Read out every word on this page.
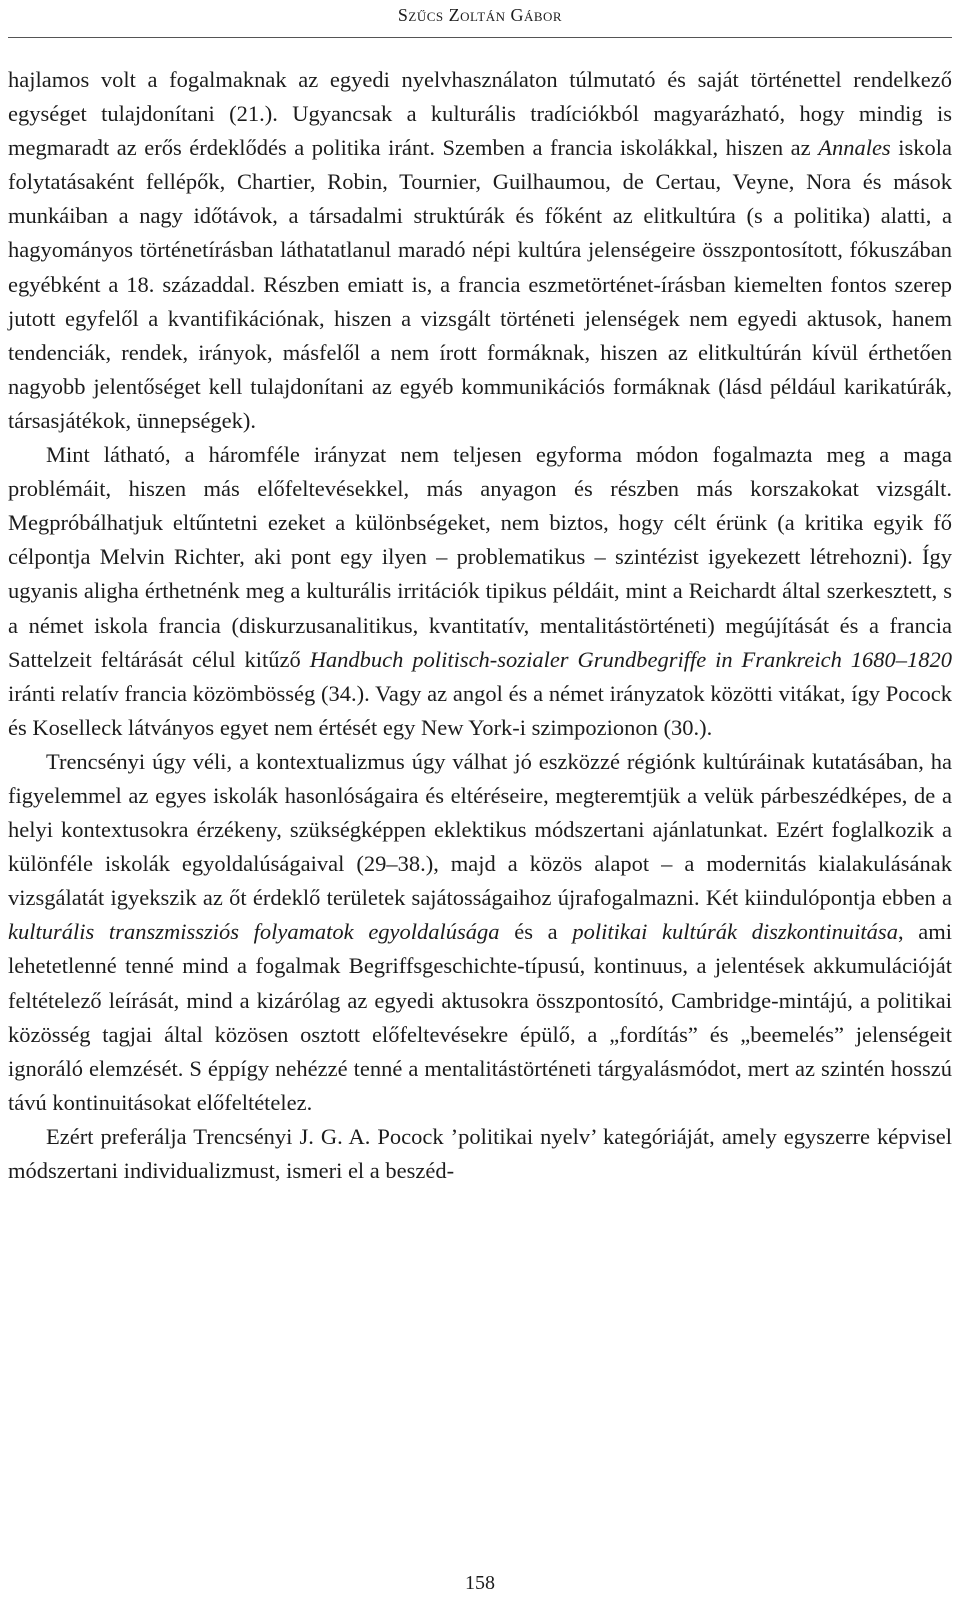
Szűcs Zoltán Gábor

hajlamos volt a fogalmaknak az egyedi nyelvhasználaton túlmutató és saját történettel rendelkező egységet tulajdonítani (21.). Ugyancsak a kulturális tradíciókból magyarázható, hogy mindig is megmaradt az erős érdeklődés a politika iránt. Szemben a francia iskolákkal, hiszen az Annales iskola folytatásaként fellépők, Chartier, Robin, Tournier, Guilhaumou, de Certau, Veyne, Nora és mások munkáiban a nagy időtávok, a társadalmi struktúrák és főként az elitkultúra (s a politika) alatti, a hagyományos történetírásban láthatatlanul maradó népi kultúra jelenségeire összpontosított, fókuszában egyébként a 18. századdal. Részben emiatt is, a francia eszmetörténet-írásban kiemelten fontos szerep jutott egyfelől a kvantifikációnak, hiszen a vizsgált történeti jelenségek nem egyedi aktusok, hanem tendenciák, rendek, irányok, másfelől a nem írott formáknak, hiszen az elitkultúrán kívül érthetően nagyobb jelentőséget kell tulajdonítani az egyéb kommunikációs formáknak (lásd például karikatúrák, társasjátékok, ünnepségek).

Mint látható, a háromféle irányzat nem teljesen egyforma módon fogalmazta meg a maga problémáit, hiszen más előfeltevésekkel, más anyagon és részben más korszakokat vizsgált. Megpróbálhatjuk eltűntetni ezeket a különbségeket, nem biztos, hogy célt érünk (a kritika egyik fő célpontja Melvin Richter, aki pont egy ilyen – problematikus – szintézist igyekezett létrehozni). Így ugyanis aligha érthetnénk meg a kulturális irritációk tipikus példáit, mint a Reichardt által szerkesztett, s a német iskola francia (diskurzusanalitikus, kvantitatív, mentalitástörténeti) megújítását és a francia Sattelzeit feltárását célul kitűző Handbuch politisch-sozialer Grundbegriffe in Frankreich 1680–1820 iránti relatív francia közömbösség (34.). Vagy az angol és a német irányzatok közötti vitákat, így Pocock és Koselleck látványos egyet nem értését egy New York-i szimpozionon (30.).

Trencsényi úgy véli, a kontextualizmus úgy válhat jó eszközzé régiónk kultúráinak kutatásában, ha figyelemmel az egyes iskolák hasonlóságaira és eltéréseire, megteremtjük a velük párbeszédképes, de a helyi kontextusokra érzékeny, szükségképpen eklektikus módszertani ajánlatunkat. Ezért foglalkozik a különféle iskolák egyoldalúságaival (29–38.), majd a közös alapot – a modernitás kialakulásának vizsgálatát igyekszik az őt érdeklő területek sajátosságaihoz újrafogalmazni. Két kiindulópontja ebben a kulturális transzmissziós folyamatok egyoldalúsága és a politikai kultúrák diszkontinuitása, ami lehetetlenné tenné mind a fogalmak Begriffsgeschichte-típusú, kontinuus, a jelentések akkumulációját feltételező leírását, mind a kizárólag az egyedi aktusokra összpontosító, Cambridge-mintájú, a politikai közösség tagjai által közösen osztott előfeltevésekre épülő, a „fordítás” és „beemelés” jelenségeit ignoráló elemzését. S éppígy nehézzé tenné a mentalitástörténeti tárgyalásmódot, mert az szintén hosszú távú kontinuitásokat előfeltételez.

Ezért preferálja Trencsényi J. G. A. Pocock ’politikai nyelv’ kategóriáját, amely egyszerre képvisel módszertani individualizmust, ismeri el a beszéd-

158
